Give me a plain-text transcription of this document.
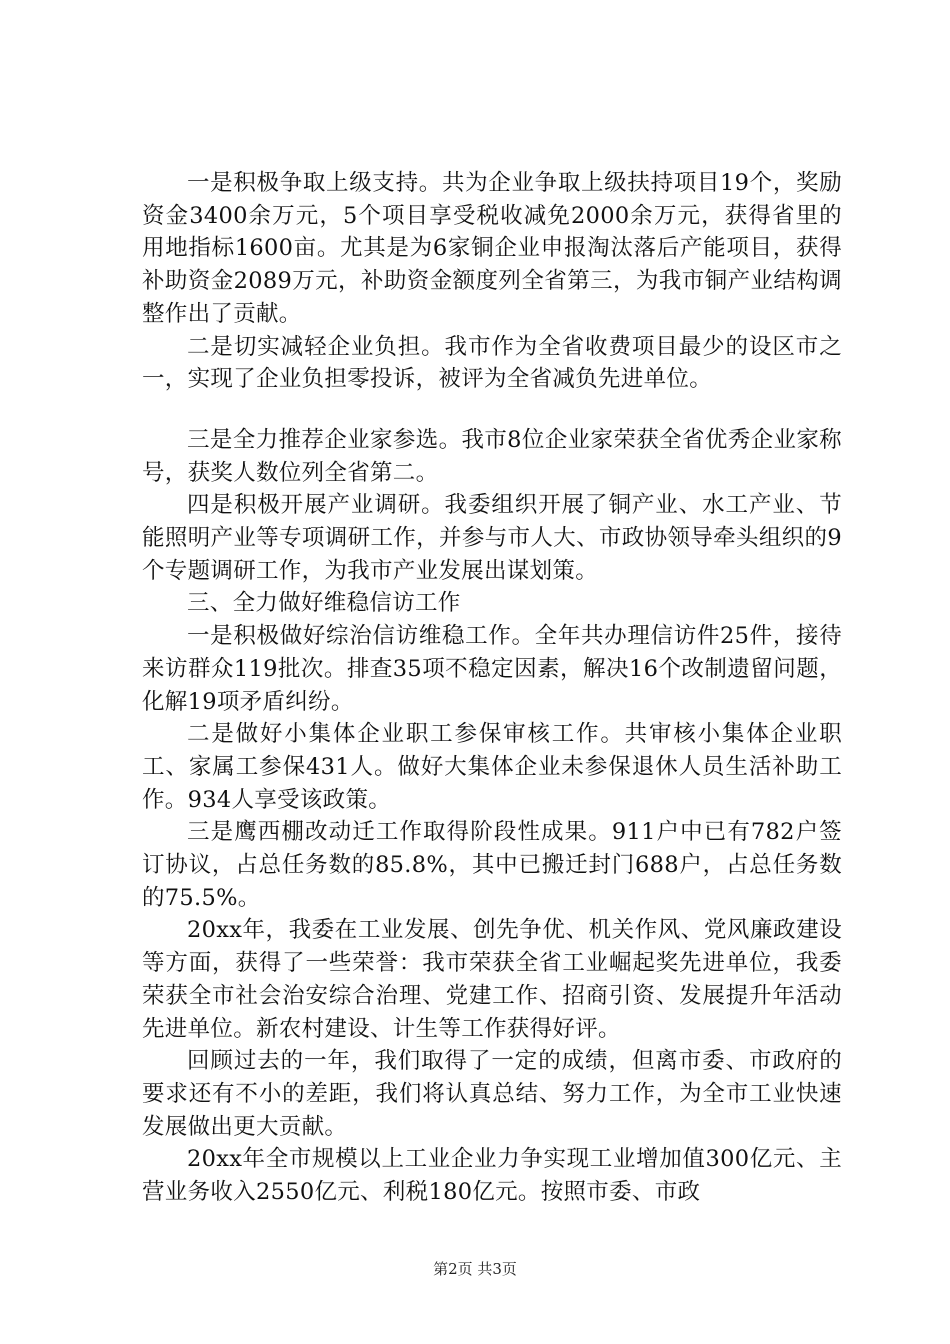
一是积极争取上级支持。共为企业争取上级扶持项目19个，奖励资金3400余万元，5个项目享受税收减免2000余万元，获得省里的用地指标1600亩。尤其是为6家铜企业申报淘汰落后产能项目，获得补助资金2089万元，补助资金额度列全省第三，为我市铜产业结构调整作出了贡献。

二是切实减轻企业负担。我市作为全省收费项目最少的设区市之一，实现了企业负担零投诉，被评为全省减负先进单位。

三是全力推荐企业家参选。我市8位企业家荣获全省优秀企业家称号，获奖人数位列全省第二。

四是积极开展产业调研。我委组织开展了铜产业、水工产业、节能照明产业等专项调研工作，并参与市人大、市政协领导牵头组织的9个专题调研工作，为我市产业发展出谋划策。

三、全力做好维稳信访工作

一是积极做好综治信访维稳工作。全年共办理信访件25件，接待来访群众119批次。排查35项不稳定因素，解决16个改制遗留问题，化解19项矛盾纠纷。

二是做好小集体企业职工参保审核工作。共审核小集体企业职工、家属工参保431人。做好大集体企业未参保退休人员生活补助工作。934人享受该政策。

三是鹰西棚改动迁工作取得阶段性成果。911户中已有782户签订协议，占总任务数的85.8%，其中已搬迁封门688户，占总任务数的75.5%。

20xx年，我委在工业发展、创先争优、机关作风、党风廉政建设等方面，获得了一些荣誉：我市荣获全省工业崛起奖先进单位，我委荣获全市社会治安综合治理、党建工作、招商引资、发展提升年活动先进单位。新农村建设、计生等工作获得好评。

回顾过去的一年，我们取得了一定的成绩，但离市委、市政府的要求还有不小的差距，我们将认真总结、努力工作，为全市工业快速发展做出更大贡献。

20xx年全市规模以上工业企业力争实现工业增加值300亿元、主营业务收入2550亿元、利税180亿元。按照市委、市政

第2页 共3页
